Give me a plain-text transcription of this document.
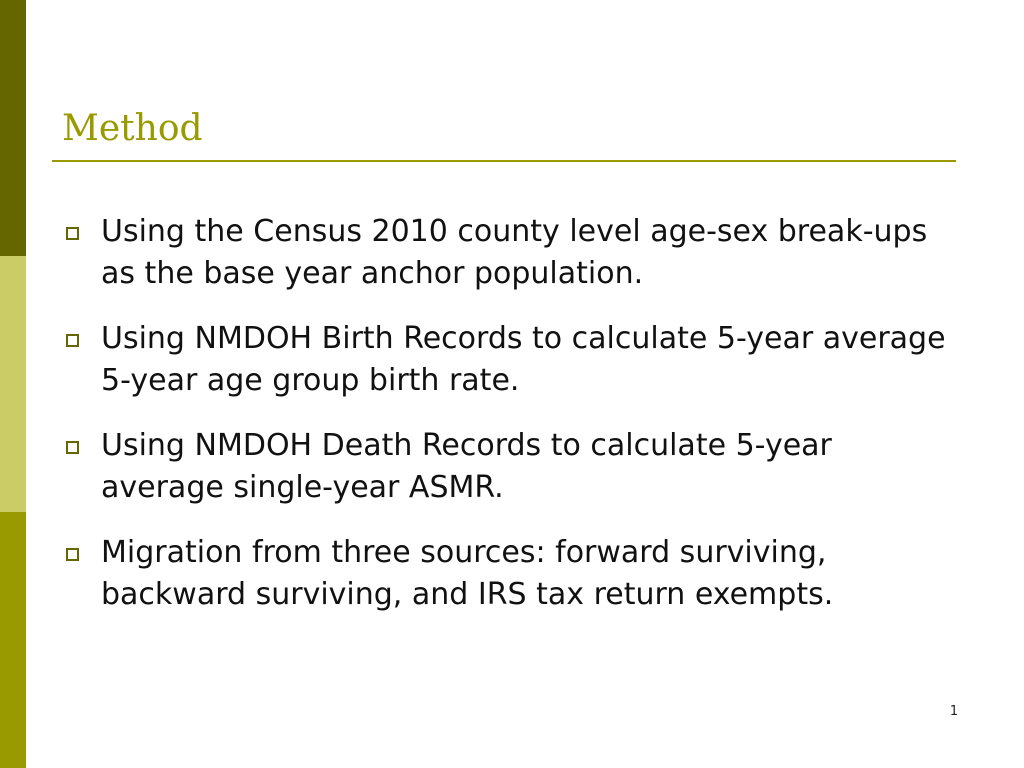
Method
Using the Census 2010 county level age-sex break-ups as the base year anchor population.
Using NMDOH Birth Records to calculate 5-year average 5-year age group birth rate.
Using NMDOH Death Records to calculate 5-year average single-year ASMR.
Migration from three sources: forward surviving, backward surviving, and IRS tax return exempts.
1
